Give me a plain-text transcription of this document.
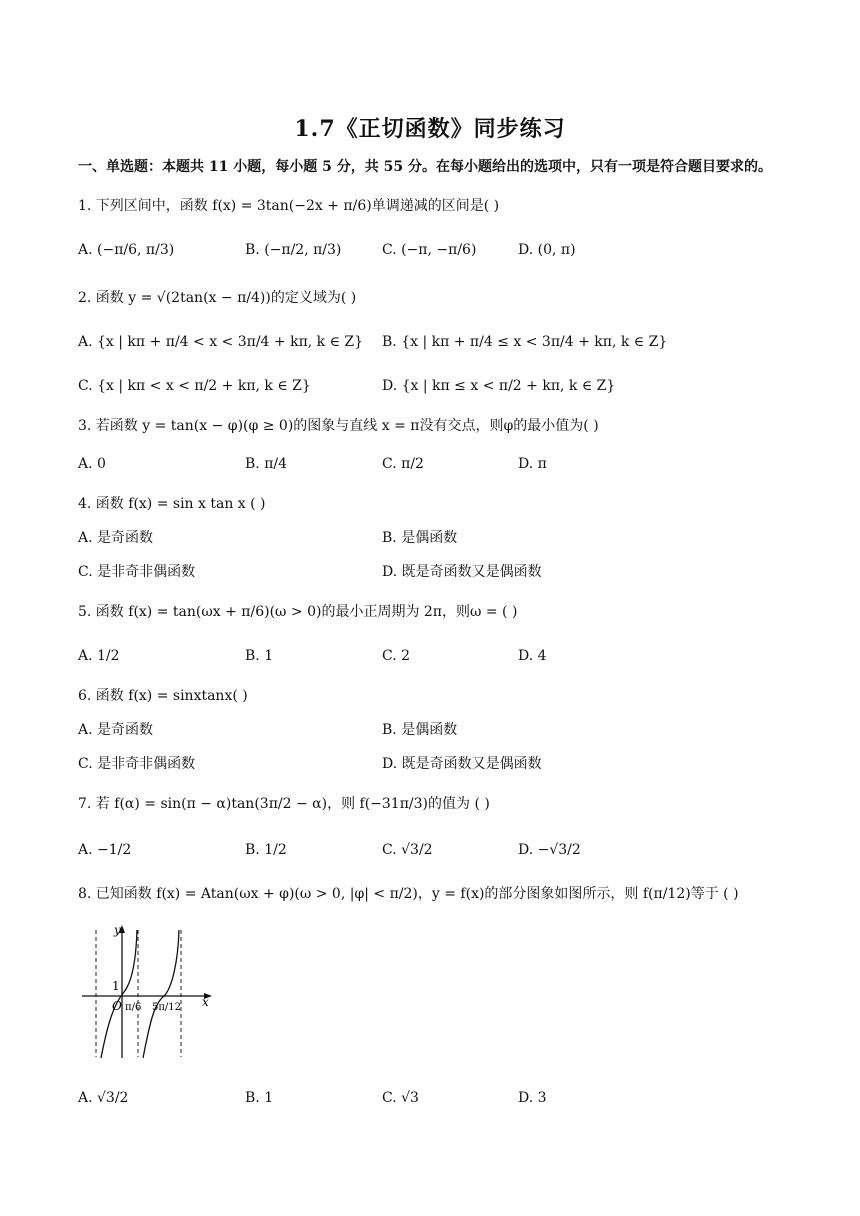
1.7《正切函数》同步练习
一、单选题：本题共 11 小题，每小题 5 分，共 55 分。在每小题给出的选项中，只有一项是符合题目要求的。
1. 下列区间中，函数 f(x) = 3tan(−2x + π/6)单调递减的区间是( )
A. (−π/6, π/3)	B. (−π/2, π/3)	C. (−π, −π/6)	D. (0, π)
2. 函数 y = √(2tan(x − π/4))的定义域为( )
A. {x | kπ + π/4 < x < 3π/4 + kπ, k ∈ Z} B. {x | kπ + π/4 ≤ x < 3π/4 + kπ, k ∈ Z}
C. {x | kπ < x < π/2 + kπ, k ∈ Z}	D. {x | kπ ≤ x < π/2 + kπ, k ∈ Z}
3. 若函数 y = tan(x − φ)(φ ≥ 0)的图象与直线 x = π没有交点，则φ的最小值为( )
A. 0	B. π/4	C. π/2	D. π
4. 函数 f(x) = sin x tan x ( )
A. 是奇函数	B. 是偶函数
C. 是非奇非偶函数	D. 既是奇函数又是偶函数
5. 函数 f(x) = tan(ωx + π/6)(ω > 0)的最小正周期为 2π，则ω = ( )
A. 1/2	B. 1	C. 2	D. 4
6. 函数 f(x) = sinxtanx( )
A. 是奇函数	B. 是偶函数
C. 是非奇非偶函数	D. 既是奇函数又是偶函数
7. 若 f(α) = sin(π − α)tan(3π/2 − α)，则 f(−31π/3)的值为 ( )
A. −1/2	B. 1/2	C. √3/2	D. −√3/2
8. 已知函数 f(x) = Atan(ωx + φ)(ω > 0, |φ| < π/2)，y = f(x)的部分图象如图所示，则 f(π/12)等于 ( )
y
x
O
1
π/6 5π/12
A. √3/2	B. 1	C. √3	D. 3
